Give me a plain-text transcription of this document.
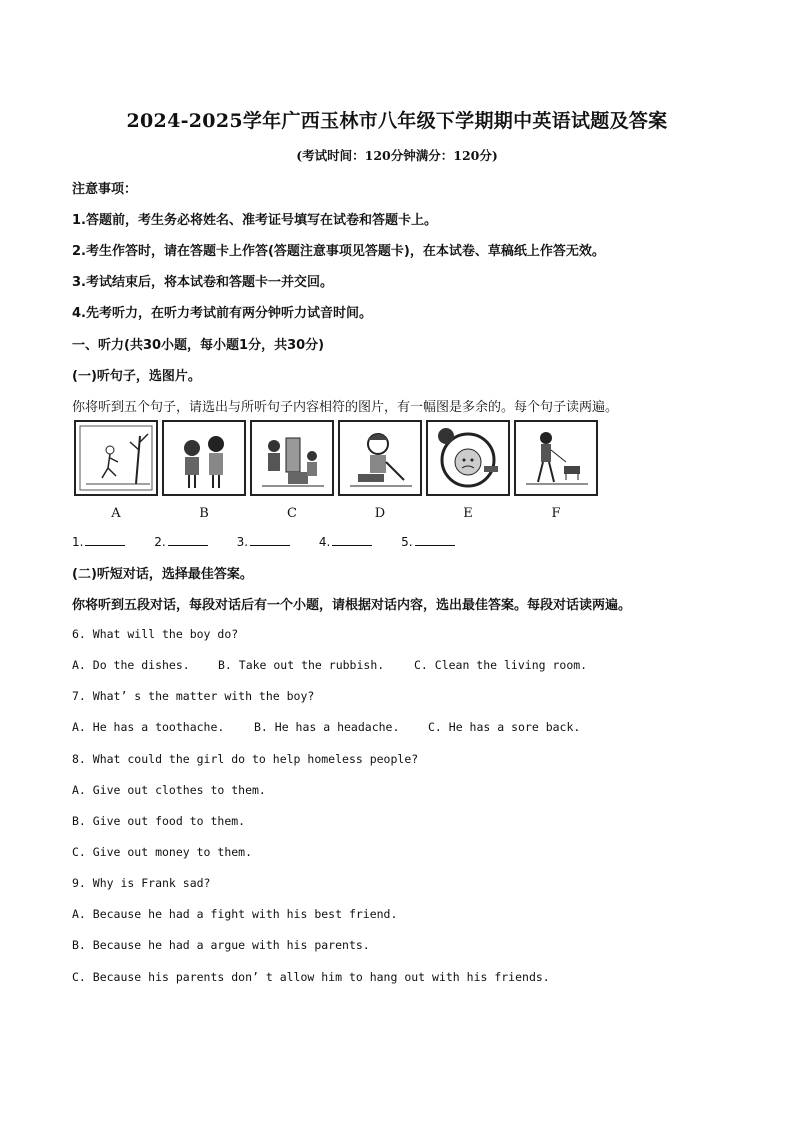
2024-2025学年广西玉林市八年级下学期期中英语试题及答案
(考试时间：120分钟满分：120分)
注意事项：
1.答题前，考生务必将姓名、准考证号填写在试卷和答题卡上。
2.考生作答时，请在答题卡上作答(答题注意事项见答题卡)，在本试卷、草稿纸上作答无效。
3.考试结束后，将本试卷和答题卡一并交回。
4.先考听力，在听力考试前有两分钟听力试音时间。
一、听力(共30小题，每小题1分，共30分)
(一)听句子，选图片。
你将听到五个句子，请选出与所听句子内容相符的图片，有一幅图是多余的。每个句子读两遍。
A	B	C	D	E	F
1.	2.	3.	4.	5.
(二)听短对话，选择最佳答案。
你将听到五段对话，每段对话后有一个小题，请根据对话内容，选出最佳答案。每段对话读两遍。
6. What will the boy do?
A. Do the dishes. B. Take out the rubbish.	C. Clean the living room.
7. What’ s the matter with the boy?
A. He has a toothache.	B. He has a headache. C. He has a sore back.
8. What could the girl do to help homeless people?
A. Give out clothes to them.
B. Give out food to them.
C. Give out money to them.
9. Why is Frank sad?
A. Because he had a fight with his best friend.
B. Because he had a argue with his parents.
C. Because his parents don’ t allow him to hang out with his friends.
